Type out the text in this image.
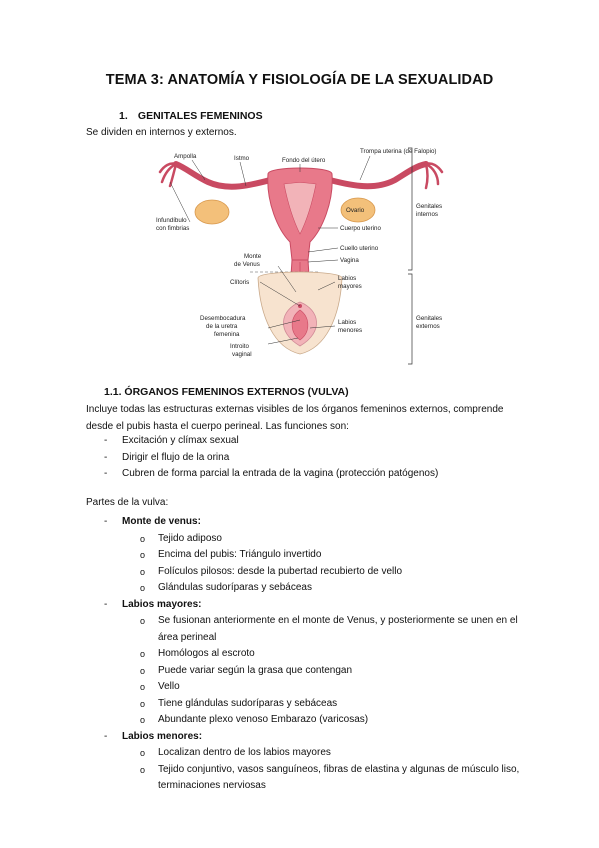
TEMA 3: ANATOMÍA Y FISIOLOGÍA DE LA SEXUALIDAD
1. GENITALES FEMENINOS
Se dividen en internos y externos.
Ampolla	Istmo	Fondo del útero
Trompa uterina (de Falopio)
Infundíbulo
con fimbrias
Ovario
Cuerpo uterino
Cuello uterino
Vagina
Monte
de Venus
Genitales
internos
Genitales
externos
Clítoris
Labios
mayores
Desembocadura
de la uretra
femenina
Labios
menores
Introito
vaginal
1.1. ÓRGANOS FEMENINOS EXTERNOS (VULVA)
Incluye todas las estructuras externas visibles de los órganos femeninos externos, comprende desde el pubis hasta el cuerpo perineal. Las funciones son:
- Excitación y clímax sexual
- Dirigir el flujo de la orina
- Cubren de forma parcial la entrada de la vagina (protección patógenos)
Partes de la vulva:
- Monte de venus:
o Tejido adiposo
o Encima del pubis: Triángulo invertido
o Folículos pilosos: desde la pubertad recubierto de vello
o Glándulas sudoríparas y sebáceas
- Labios mayores:
o Se fusionan anteriormente en el monte de Venus, y posteriormente se unen en el área perineal
o Homólogos al escroto
o Puede variar según la grasa que contengan
o Vello
o Tiene glándulas sudoríparas y sebáceas
o Abundante plexo venoso Embarazo (varicosas)
- Labios menores:
o Localizan dentro de los labios mayores
o Tejido conjuntivo, vasos sanguíneos, fibras de elastina y algunas de músculo liso, terminaciones nerviosas
